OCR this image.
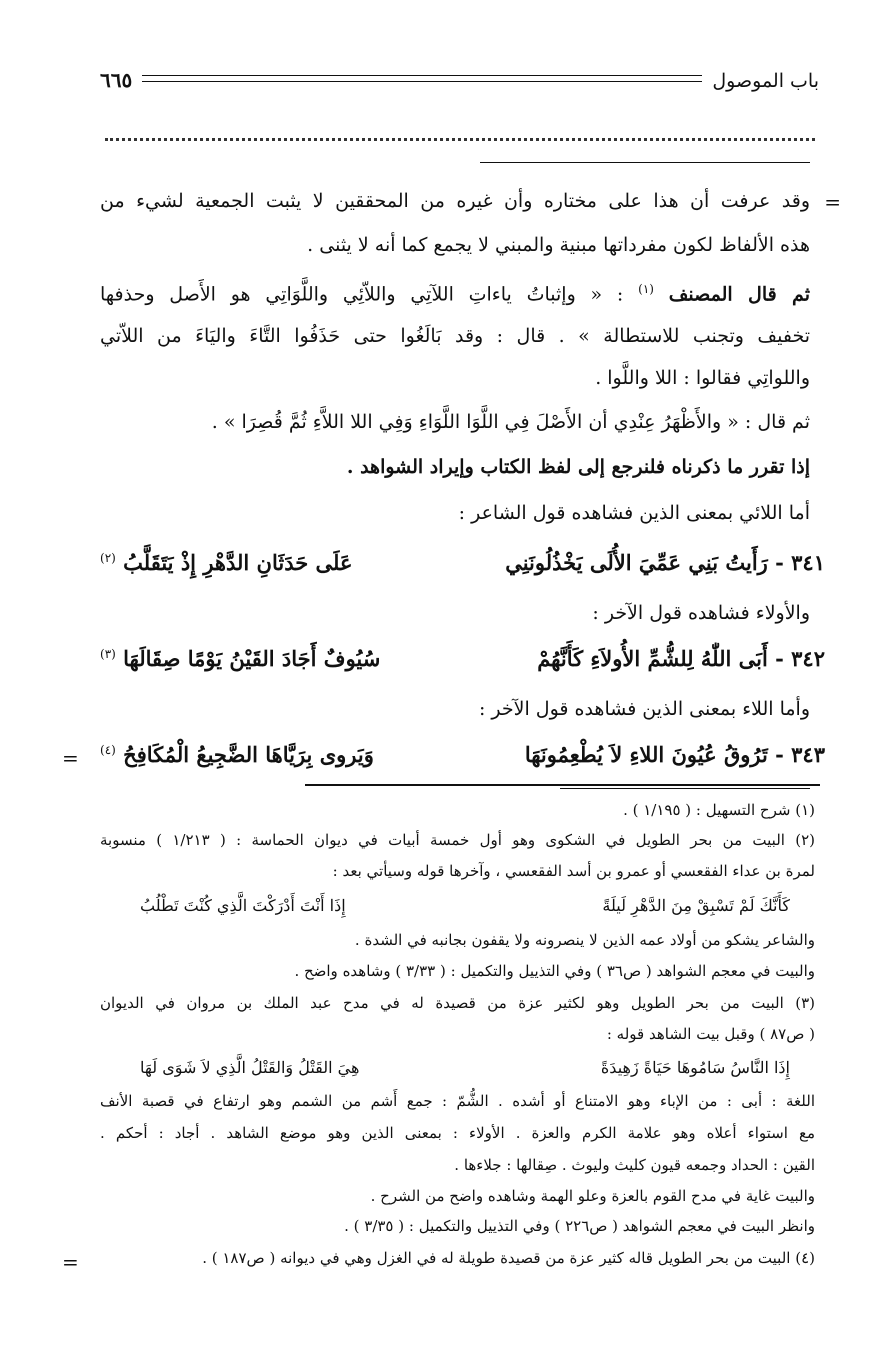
باب الموصول
٦٦٥
=
وقد عرفت أن هذا على مختاره وأن غيره من المحققين لا يثبت الجمعية لشيء من
هذه الألفاظ لكون مفرداتها مبنية والمبني لا يجمع كما أنه لا يثنى .
ثم قال المصنف $^{(١)}$ : « وإثباتُ ياءاتِ اللآتِي واللاّئِي واللَّوَاتِي هو الأَصل وحذفها
تخفيف وتجنب للاستطالة » . قال : وقد بَالَغُوا حتى حَذَفُوا التَّاءَ واليَاءَ من اللاّتي
واللواتِي فقالوا : اللا واللَّوا .
ثم قال : « والأَظْهَرُ عِنْدِي أن الأَصْلَ فِي اللَّوَا اللَّوَاءِ وَفِي اللا اللاَّءِ ثُمَّ قُصِرَا » .
إذا تقرر ما ذكرناه فلنرجع إلى لفظ الكتاب وإيراد الشواهد .
أما اللائي بمعنى الذين فشاهده قول الشاعر :
٣٤١ - رَأَيتُ بَنِي عَمِّيَ الأُلَى يَخْذُلُونَنِي
عَلَى حَدَثَانِ الدَّهْرِ إِذْ يَتَقَلَّبُ $^{(٢)}$
والأولاء فشاهده قول الآخر :
٣٤٢ - أَبَى اللّٰهُ لِلشُّمِّ الأُولاَءِ كَأَنَّهُمْ
سُيُوفٌ أَجَادَ القَيْنُ يَوْمًا صِقَالَهَا $^{(٣)}$
وأما اللاء بمعنى الذين فشاهده قول الآخر :
٣٤٣ - تَرُوقُ عُيُونَ اللاءِ لاَ يُطْعِمُونَهَا
وَيَروى بِرَيَّاهَا الضَّجِيعُ الْمُكَافِحُ $^{(٤)}$
=
(١) شرح التسهيل : ( ١/١٩٥ ) .
(٢) البيت من بحر الطويل في الشكوى وهو أول خمسة أبيات في ديوان الحماسة : ( ١/٢١٣ ) منسوبة
لمرة بن عداء الفقعسي أو عمرو بن أسد الفقعسي ، وآخرها قوله وسيأتي بعد :
كَأَنَّكَ لَمْ تَسْبِقْ مِنَ الدَّهْرِ لَيلَةً
إِذَا أَنْتَ أَدْرَكْتَ الَّذِي كُنْتَ تَطْلُبُ
والشاعر يشكو من أولاد عمه الذين لا ينصرونه ولا يقفون بجانبه في الشدة .
والبيت في معجم الشواهد ( ص٣٦ ) وفي التذييل والتكميل : ( ٣/٣٣ ) وشاهده واضح .
(٣) البيت من بحر الطويل وهو لكثير عزة من قصيدة له في مدح عبد الملك بن مروان في الديوان
( ص٨٧ ) وقبل بيت الشاهد قوله :
إِذَا النَّاسُ سَامُوهَا حَيَاةً زَهِيدَةً
هِيَ القَتْلُ وَالقَتْلُ الَّذِي لاَ شَوَى لَهَا
اللغة : أبى : من الإباء وهو الامتناع أو أشده . الشُّمّ : جمع أَشم من الشمم وهو ارتفاع في قصبة الأنف
مع استواء أعلاه وهو علامة الكرم والعزة . الأولاء : بمعنى الذين وهو موضع الشاهد . أجاد : أحكم .
القين : الحداد وجمعه قيون كليث وليوث . صِقالها : جلاءها .
والبيت غاية في مدح القوم بالعزة وعلو الهمة وشاهده واضح من الشرح .
وانظر البيت في معجم الشواهد ( ص٢٢٦ ) وفي التذييل والتكميل : ( ٣/٣٥ ) .
(٤) البيت من بحر الطويل قاله كثير عزة من قصيدة طويلة له في الغزل وهي في ديوانه ( ص١٨٧ ) .
=
